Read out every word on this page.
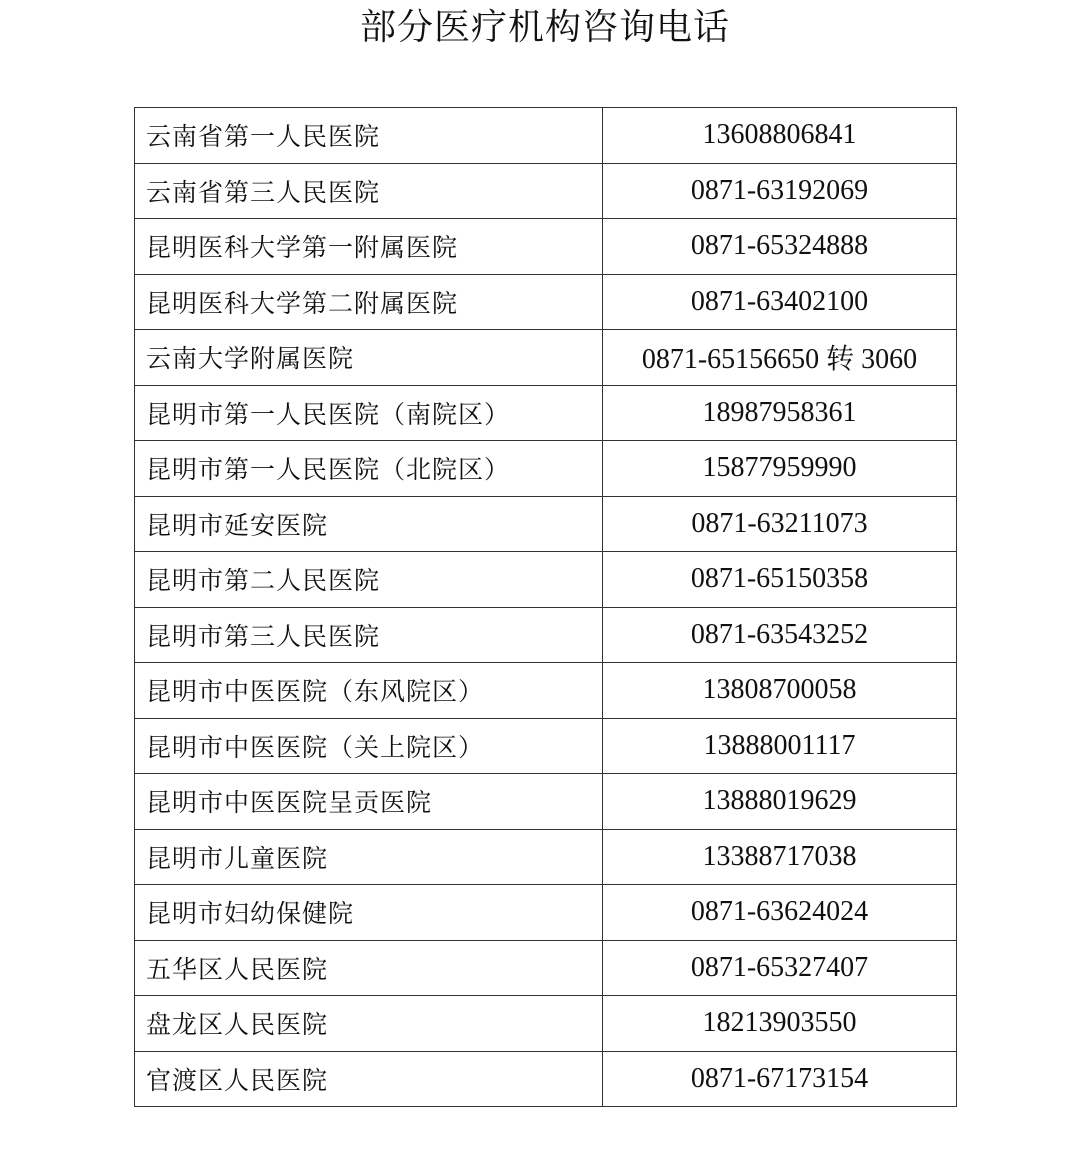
部分医疗机构咨询电话
云南省第一人民医院	13608806841
云南省第三人民医院	0871-63192069
昆明医科大学第一附属医院	0871-65324888
昆明医科大学第二附属医院	0871-63402100
云南大学附属医院	0871-65156650 转 3060
昆明市第一人民医院（南院区）	18987958361
昆明市第一人民医院（北院区）	15877959990
昆明市延安医院	0871-63211073
昆明市第二人民医院	0871-65150358
昆明市第三人民医院	0871-63543252
昆明市中医医院（东风院区）	13808700058
昆明市中医医院（关上院区）	13888001117
昆明市中医医院呈贡医院	13888019629
昆明市儿童医院	13388717038
昆明市妇幼保健院	0871-63624024
五华区人民医院	0871-65327407
盘龙区人民医院	18213903550
官渡区人民医院	0871-67173154
